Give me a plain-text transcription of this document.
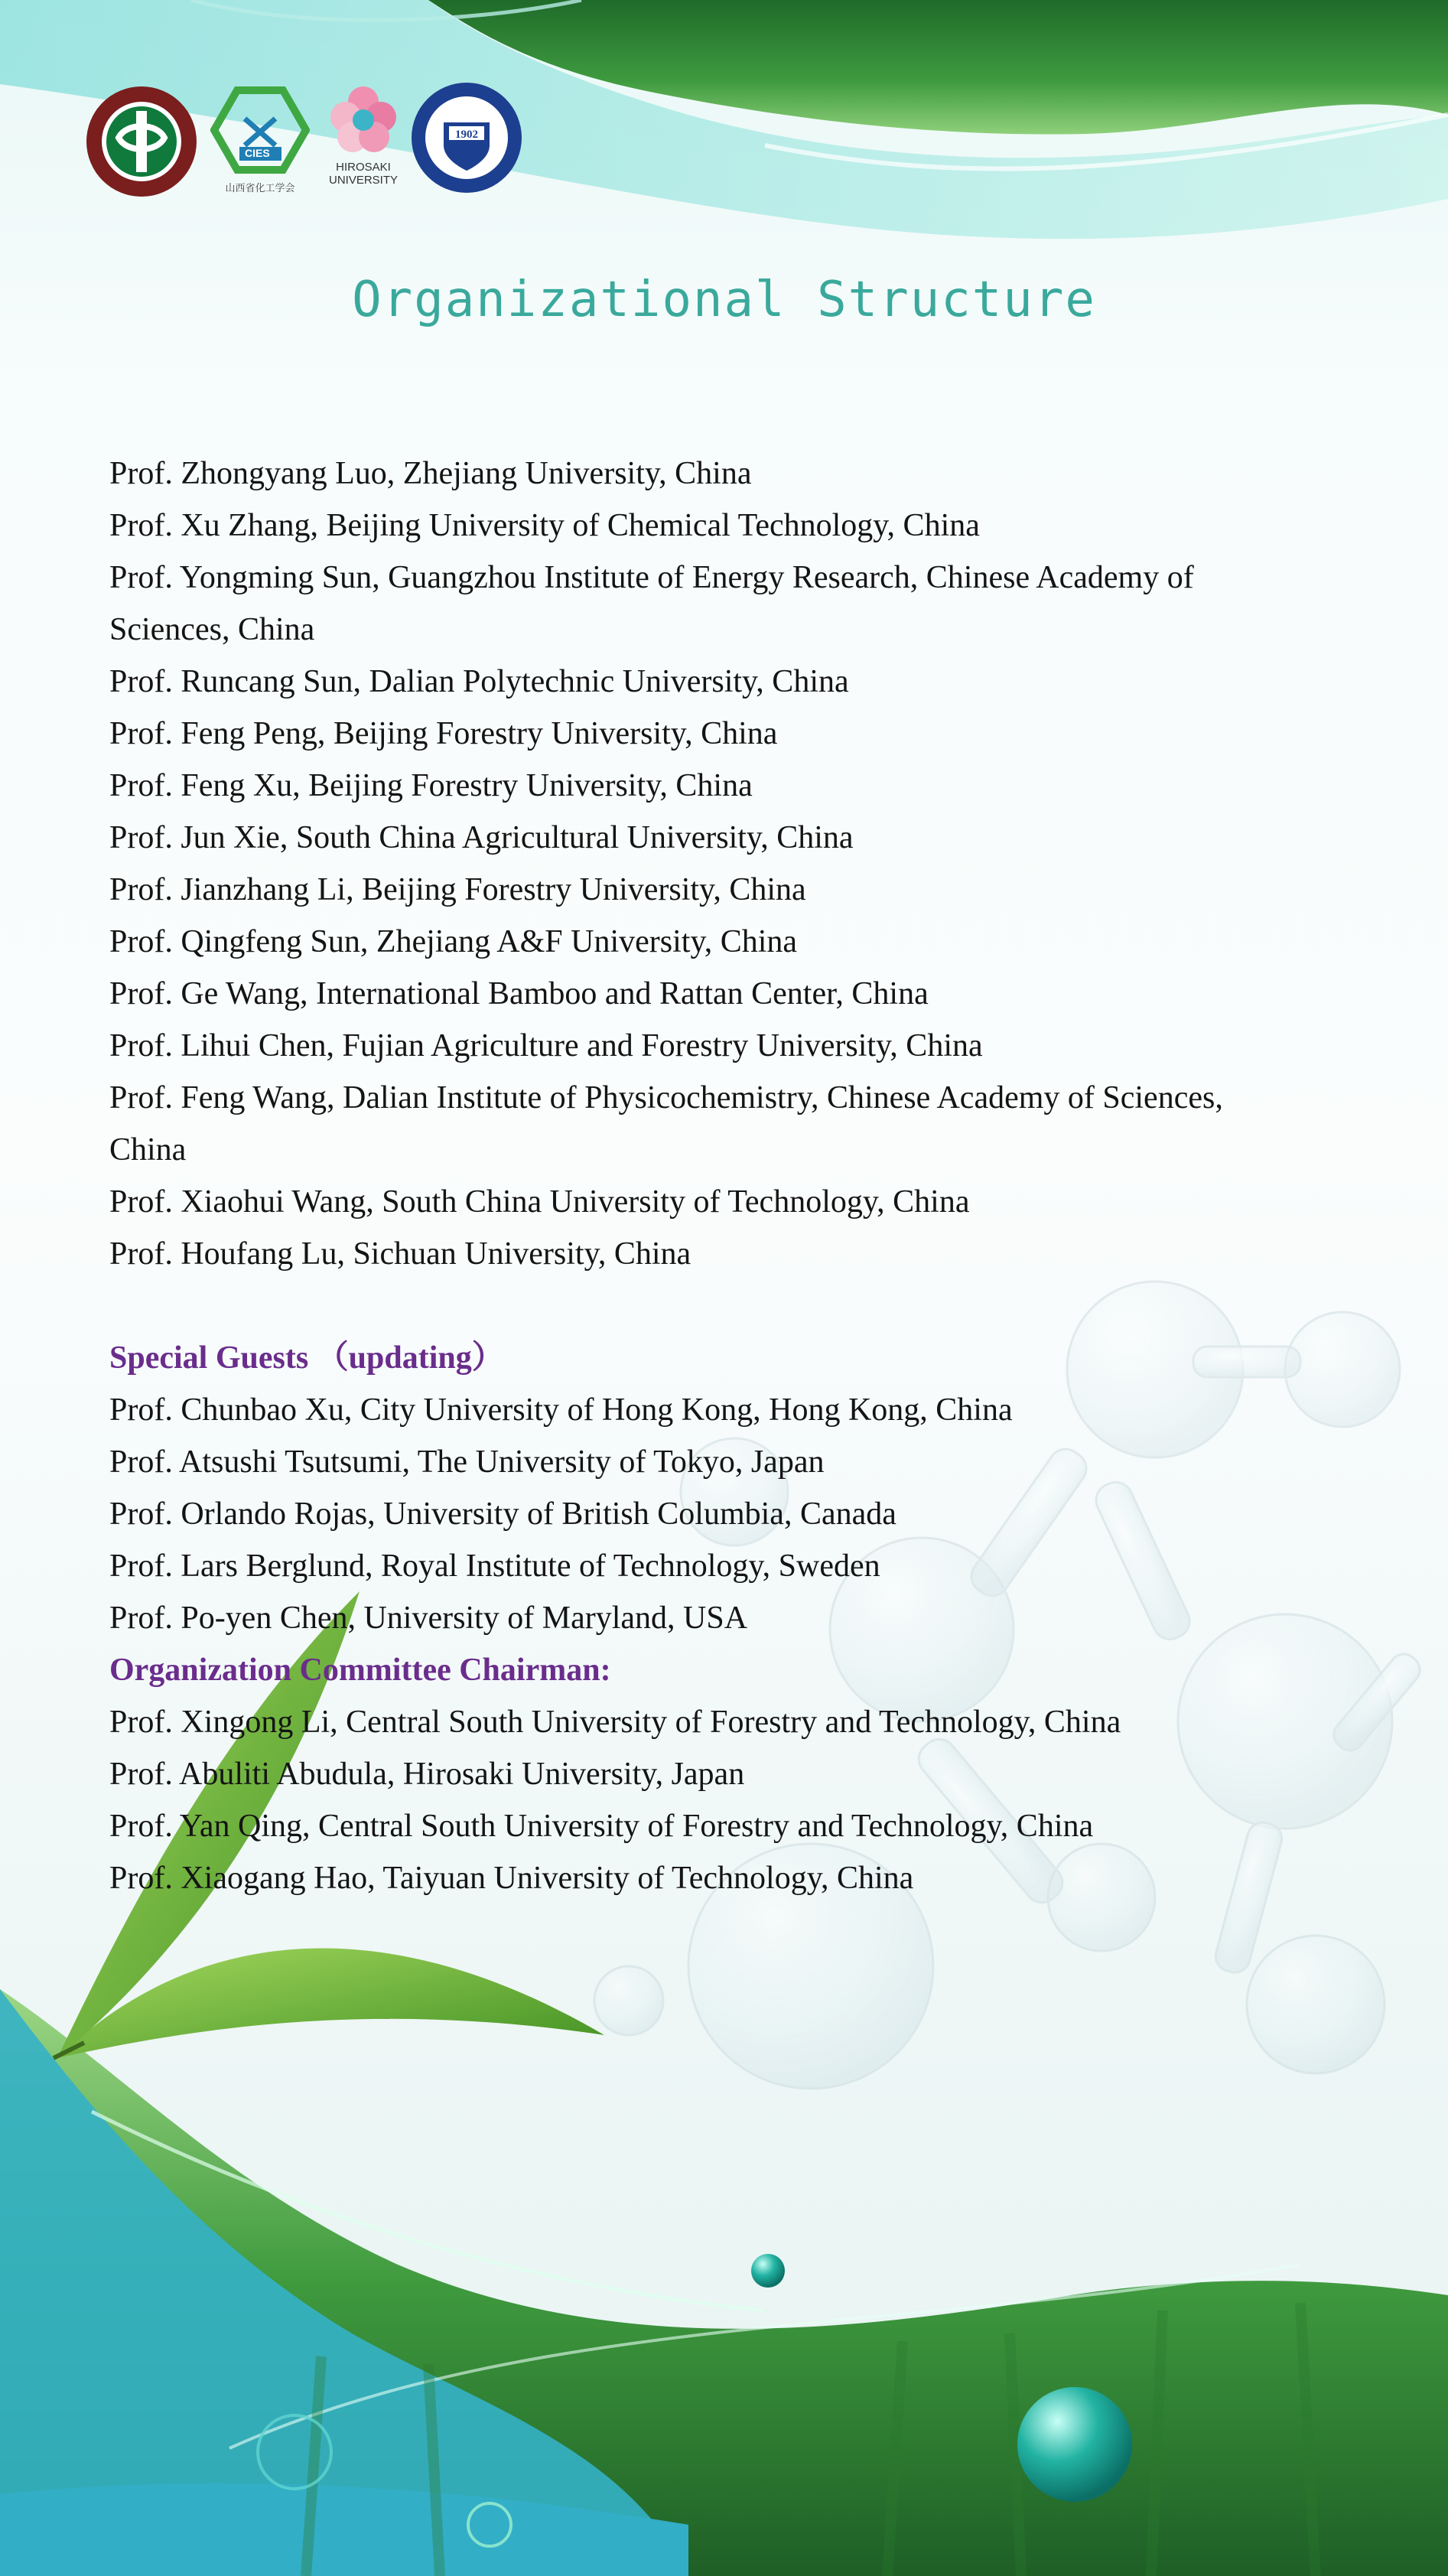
CIES
山西省化工学会
HIROSAKI
UNIVERSITY
1902
Organizational Structure
Prof. Zhongyang Luo, Zhejiang University, China
Prof. Xu Zhang, Beijing University of Chemical Technology, China
Prof. Yongming Sun, Guangzhou Institute of Energy Research, Chinese Academy of
Sciences, China
Prof. Runcang Sun, Dalian Polytechnic University, China
Prof. Feng Peng, Beijing Forestry University, China
Prof. Feng Xu, Beijing Forestry University, China
Prof. Jun Xie, South China Agricultural University, China
Prof. Jianzhang Li, Beijing Forestry University, China
Prof. Qingfeng Sun, Zhejiang A&F University, China
Prof. Ge Wang, International Bamboo and Rattan Center, China
Prof. Lihui Chen, Fujian Agriculture and Forestry University, China
Prof. Feng Wang, Dalian Institute of Physicochemistry, Chinese Academy of Sciences,
China
Prof. Xiaohui Wang, South China University of Technology, China
Prof. Houfang Lu, Sichuan University, China
Special Guests （updating）
Prof. Chunbao Xu, City University of Hong Kong, Hong Kong, China
Prof. Atsushi Tsutsumi, The University of Tokyo, Japan
Prof. Orlando Rojas, University of British Columbia, Canada
Prof. Lars Berglund, Royal Institute of Technology, Sweden
Prof. Po-yen Chen, University of Maryland, USA
Organization Committee Chairman:
Prof. Xingong Li, Central South University of Forestry and Technology, China
Prof. Abuliti Abudula, Hirosaki University, Japan
Prof. Yan Qing, Central South University of Forestry and Technology, China
Prof. Xiaogang Hao, Taiyuan University of Technology, China
